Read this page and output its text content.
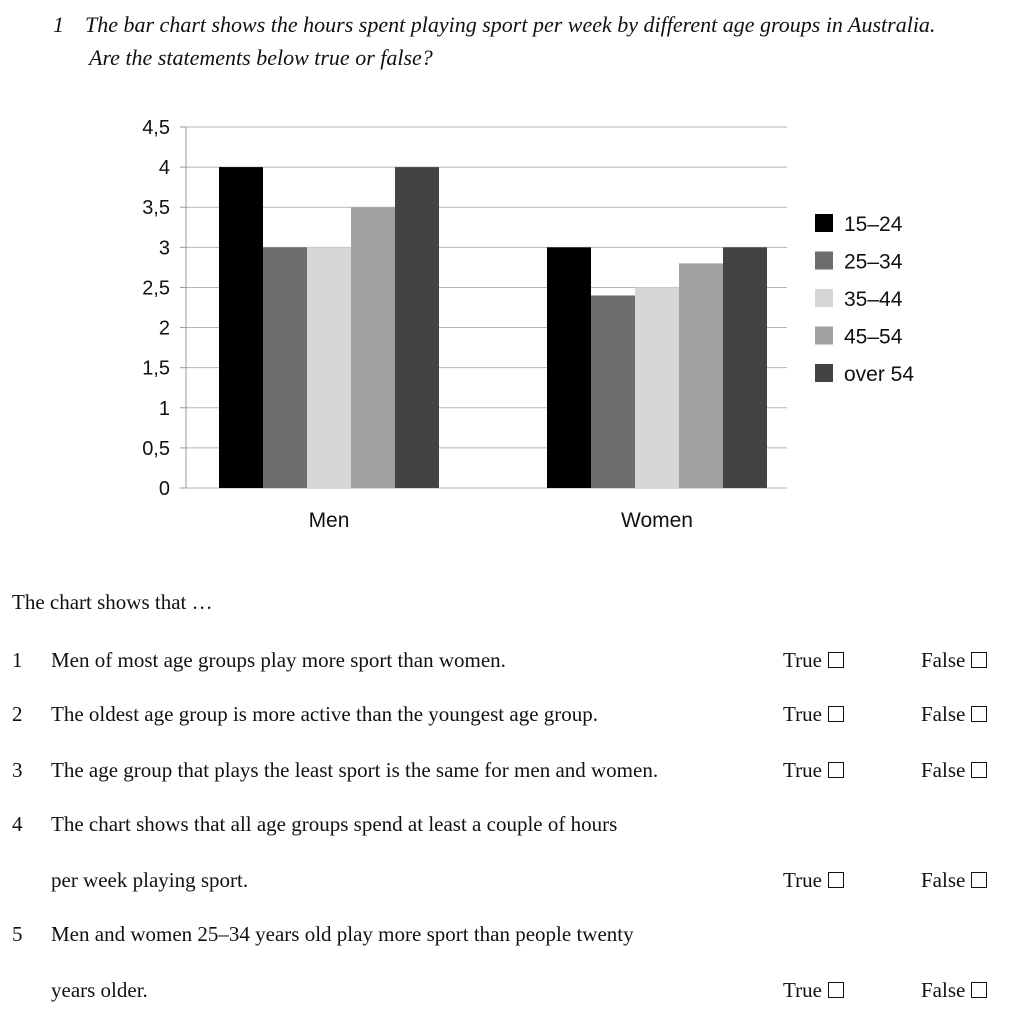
1 The bar chart shows the hours spent playing sport per week by different age groups in Australia.
Are the statements below true or false?
0
0,5
1
1,5
2
2,5
3
3,5
4
4,5
Men	Women
15–24
25–34
35–44
45–54
over 54
The chart shows that …
1 Men of most age groups play more sport than women.	True	False
2 The oldest age group is more active than the youngest age group.	True	False
3 The age group that plays the least sport is the same for men and women.	True	False
4 The chart shows that all age groups spend at least a couple of hours
per week playing sport.	True	False
5 Men and women 25–34 years old play more sport than people twenty
years older.	True	False
